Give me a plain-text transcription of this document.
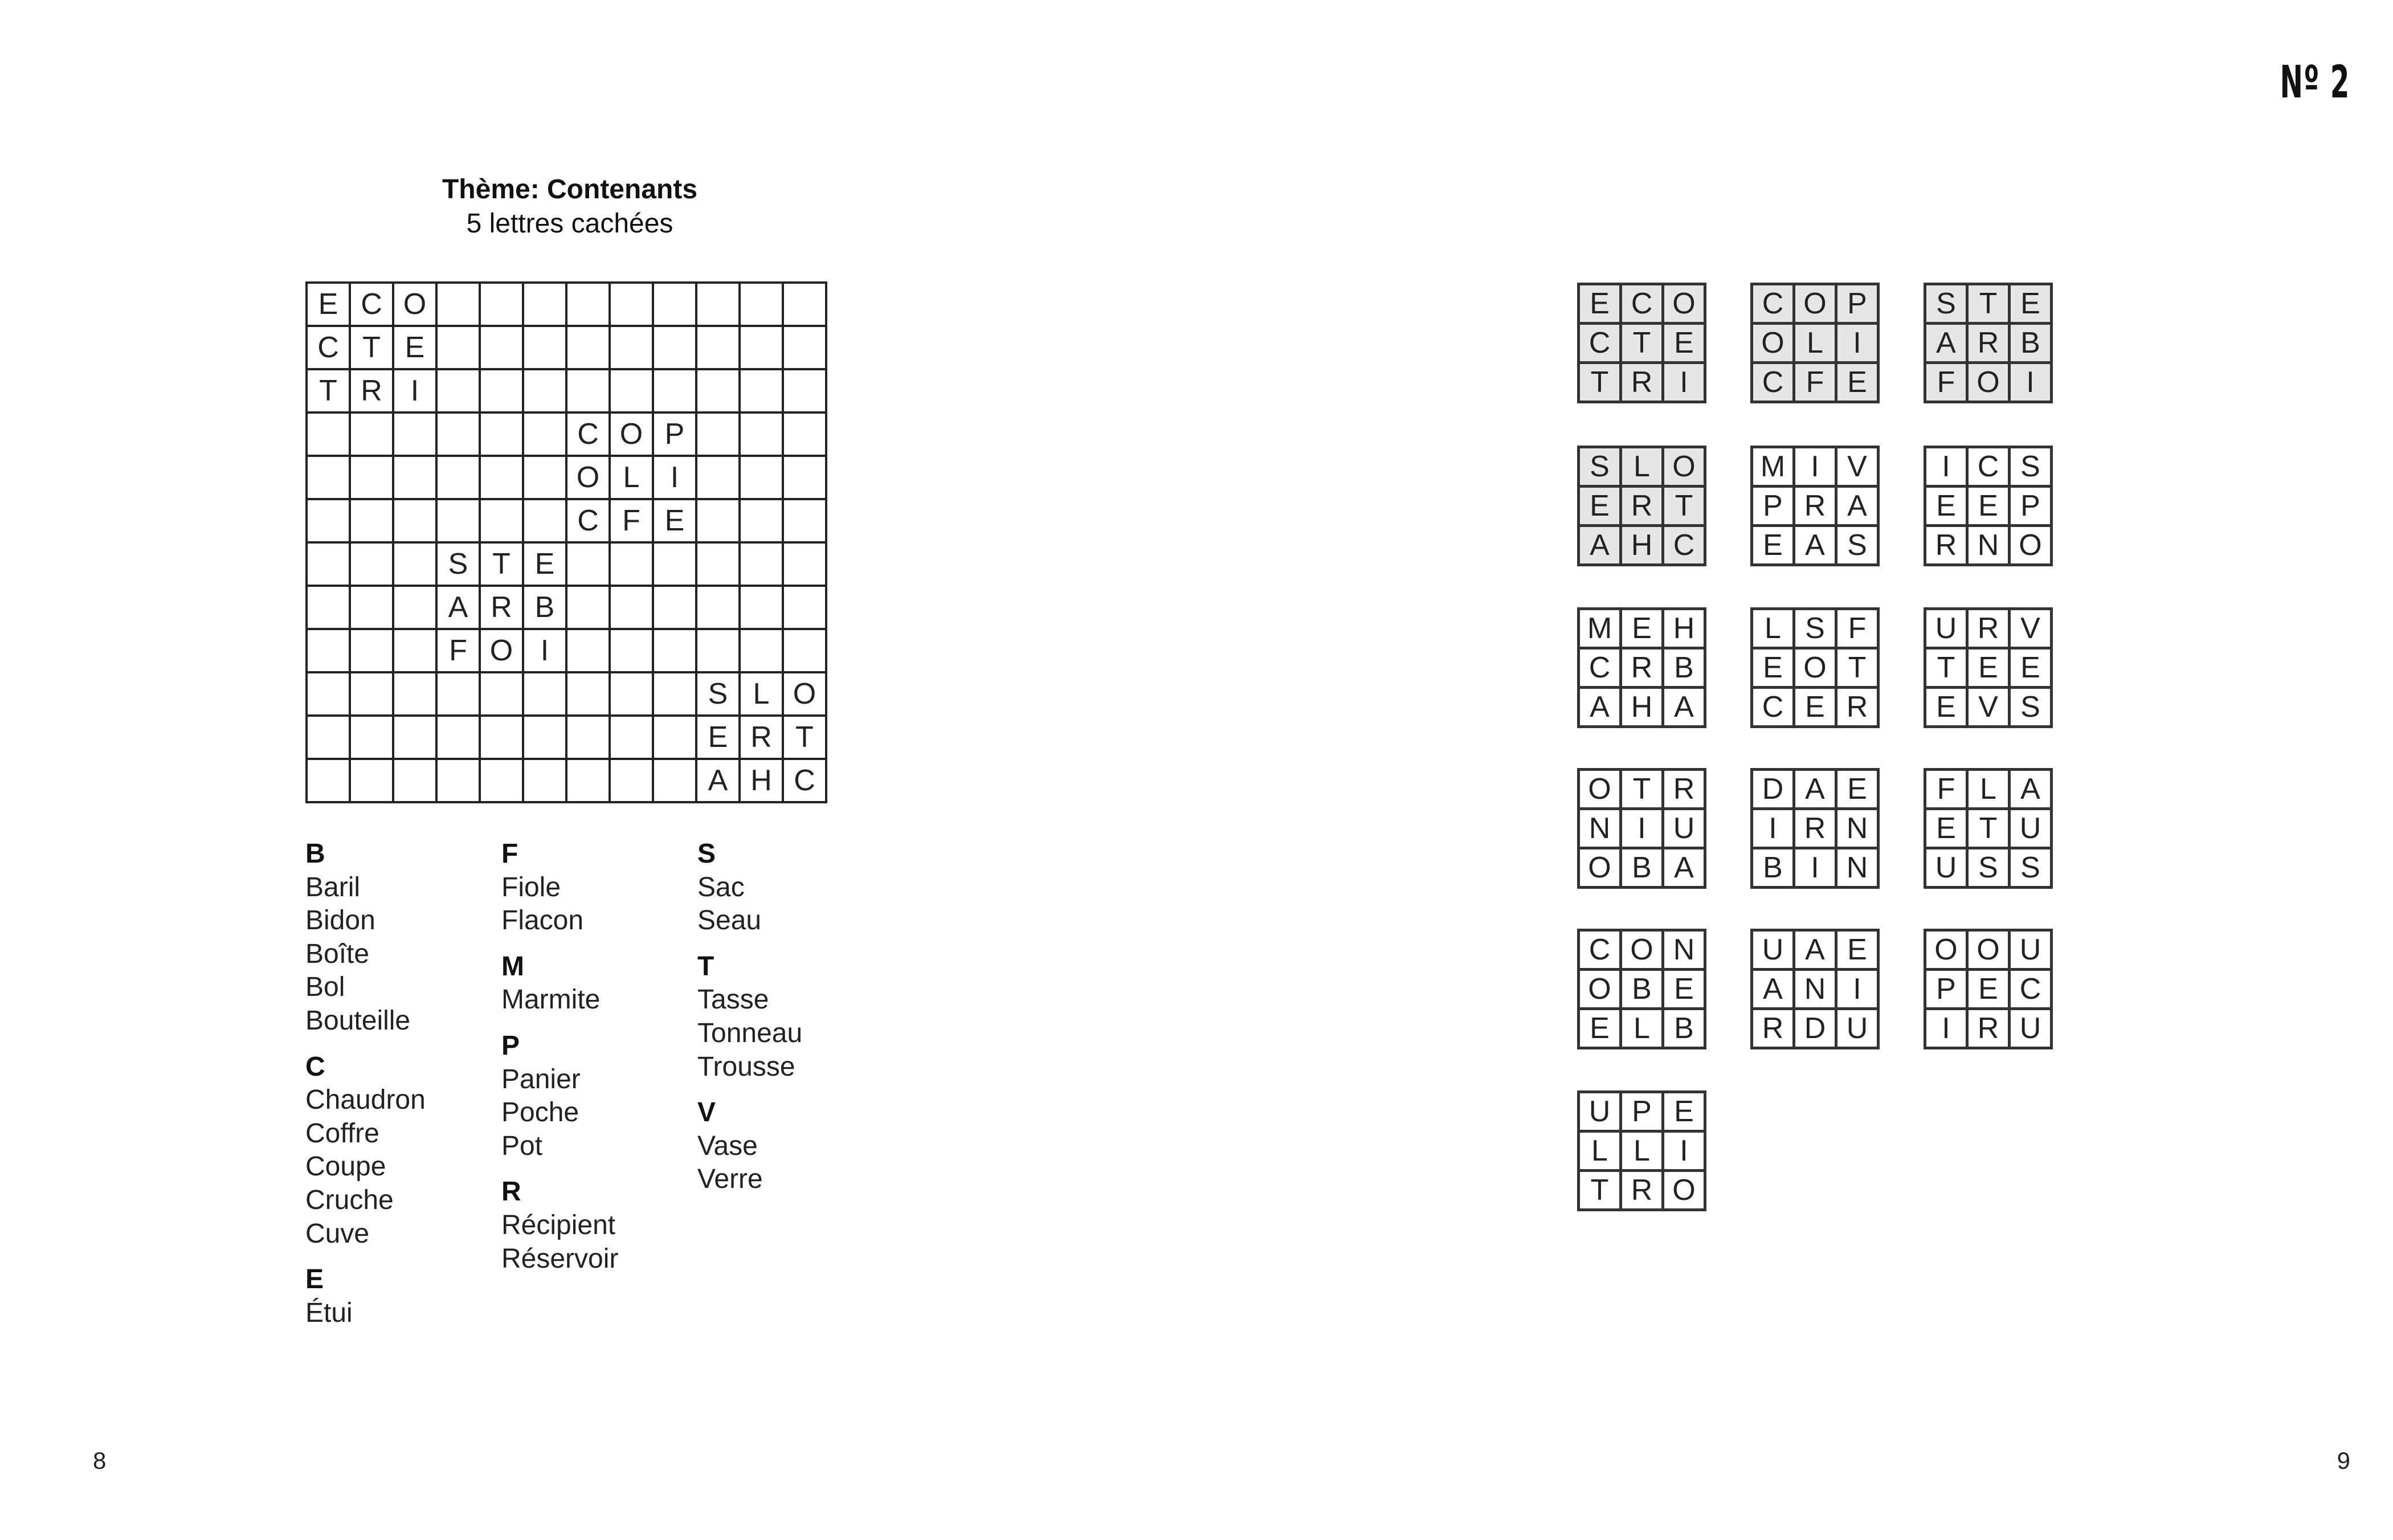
Thème: Contenants
5 lettres cachées
E C O
C T E
T R I
C O P
O L	I
C F E
S T E
A R B
F O I
S L O
E R T
A H C
B
Baril
Bidon
Boîte
Bol
Bouteille
C
Chaudron
Coffre
Coupe
Cruche
Cuve
E
Étui
F
Fiole
Flacon
M
Marmite
P
Panier
Poche
Pot
R
Récipient
Réservoir
S
Sac
Seau
T
Tasse
Tonneau
Trousse
V
Vase
Verre
8
Nº 2
E C O
C T E
T R I
C O P
O L	I
C F E
S T E
A R B
F O I
S L O
E R T
A H C
M I V
P R A
E A S
I C S
E E P
R N O
M E H
C R B
A H A
L S F
E O T
C E R
U R V
T E E
E V S
O T R
N I U
O B A
D A E
I R N
B I N
F L A
E T U
U S S
C O N
O B E
E L B
U A E
A N I
R D U
O O U
P E C
I R U
U P E
L L	I
T R O
9
